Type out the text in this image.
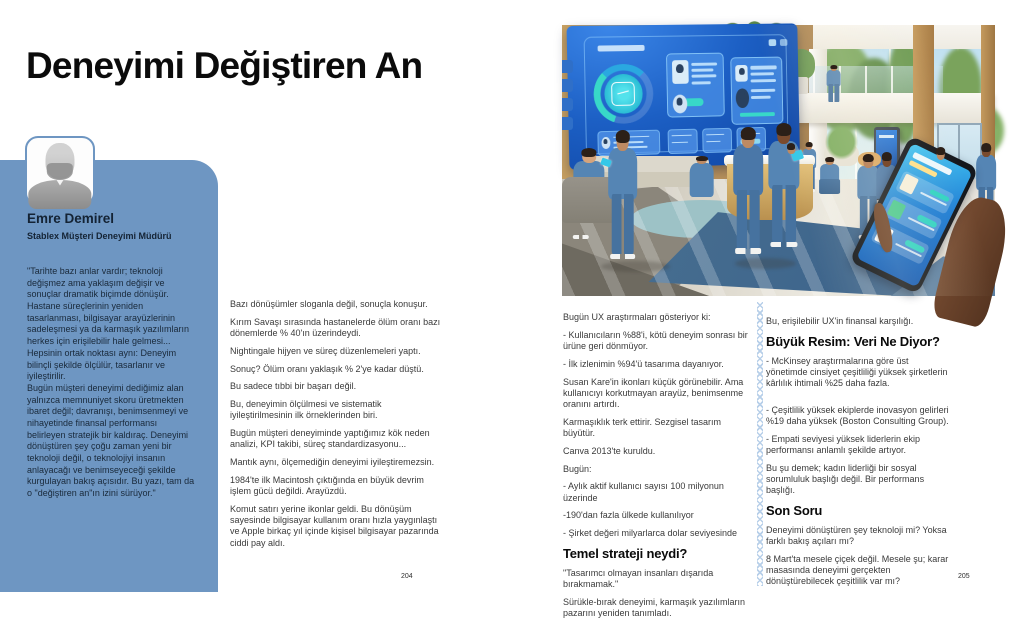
Deneyimi Değiştiren An
Emre Demirel
Stablex Müşteri Deneyimi Müdürü

"Tarihte bazı anlar vardır; teknoloji değişmez ama yaklaşım değişir ve sonuçlar dramatik biçimde dönüşür. Hastane süreçlerinin yeniden tasarlanması, bilgisayar arayüzlerinin sadeleşmesi ya da karmaşık yazılımların herkes için erişilebilir hale gelmesi... Hepsinin ortak noktası aynı: Deneyim bilinçli şekilde ölçülür, tasarlanır ve iyileştirilir.

Bugün müşteri deneyimi dediğimiz alan yalnızca memnuniyet skoru üretmekten ibaret değil; davranışı, benimsenmeyi ve nihayetinde finansal performansı belirleyen stratejik bir kaldıraç. Deneyimi dönüştüren şey çoğu zaman yeni bir teknoloji değil, o teknolojiyi insanın anlayacağı ve benimseyeceği şekilde kurgulayan bakış açısıdır. Bu yazı, tam da o "değiştiren an"ın izini sürüyor."

Bazı dönüşümler sloganla değil, sonuçla konuşur.

Kırım Savaşı sırasında hastanelerde ölüm oranı bazı dönemlerde % 40'ın üzerindeydi.

Nightingale hijyen ve süreç düzenlemeleri yaptı.

Sonuç? Ölüm oranı yaklaşık % 2'ye kadar düştü.

Bu sadece tıbbi bir başarı değil.

Bu, deneyimin ölçülmesi ve sistematik iyileştirilmesinin ilk örneklerinden biri.

Bugün müşteri deneyiminde yaptığımız kök neden analizi, KPI takibi, süreç standardizasyonu...

Mantık aynı, ölçemediğin deneyimi iyileştiremezsin.

1984'te ilk Macintosh çıktığında en büyük devrim işlem gücü değildi. Arayüzdü.

Komut satırı yerine ikonlar geldi. Bu dönüşüm sayesinde bilgisayar kullanım oranı hızla yaygınlaştı ve Apple birkaç yıl içinde kişisel bilgisayar pazarında ciddi pay aldı.

204

Bugün UX araştırmaları gösteriyor ki:

- Kullanıcıların %88'i, kötü deneyim sonrası bir ürüne geri dönmüyor.

- İlk izlenimin %94'ü tasarıma dayanıyor.

Susan Kare'in ikonları küçük görünebilir. Ama kullanıcıyı korkutmayan arayüz, benimsenme oranını artırdı.

Karmaşıklık terk ettirir. Sezgisel tasarım büyütür.

Canva 2013'te kuruldu.

Bugün:

- Aylık aktif kullanıcı sayısı 100 milyonun üzerinde

-190'dan fazla ülkede kullanılıyor

- Şirket değeri milyarlarca dolar seviyesinde

Temel strateji neydi?

"Tasarımcı olmayan insanları dışarıda bırakmamak."

Sürükle-bırak deneyimi, karmaşık yazılımların pazarını yeniden tanımladı.

Bu, erişilebilir UX'in finansal karşılığı.

Büyük Resim: Veri Ne Diyor?

- McKinsey araştırmalarına göre üst yönetimde cinsiyet çeşitliliği yüksek şirketlerin kârlılık ihtimali %25 daha fazla.

- Çeşitlilik yüksek ekiplerde inovasyon gelirleri %19 daha yüksek (Boston Consulting Group).

- Empati seviyesi yüksek liderlerin ekip performansı anlamlı şekilde artıyor.

Bu şu demek; kadın liderliği bir sosyal sorumluluk başlığı değil. Bir performans başlığı.

Son Soru

Deneyimi dönüştüren şey teknoloji mi? Yoksa farklı bakış açıları mı?

8 Mart'ta mesele çiçek değil. Mesele şu; karar masasında deneyimi gerçekten dönüştürebilecek çeşitlilik var mı?	205
